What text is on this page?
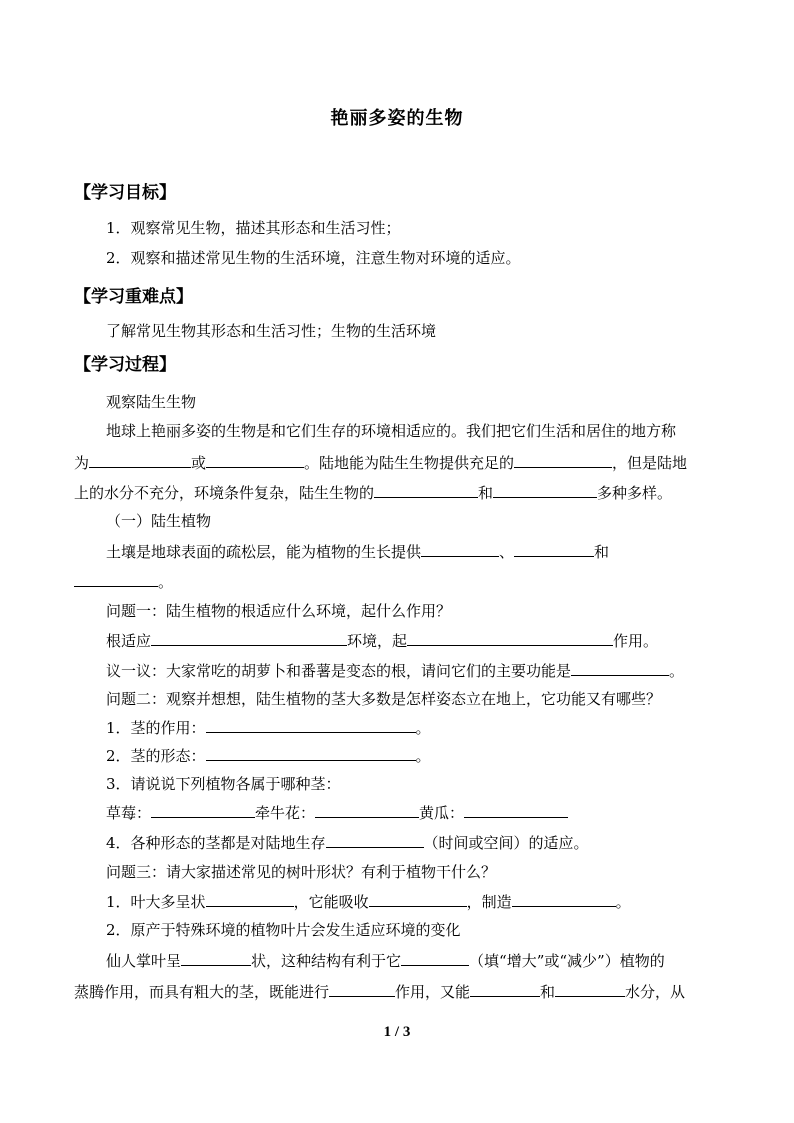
艳丽多姿的生物
【学习目标】
1．观察常见生物，描述其形态和生活习性；
2．观察和描述常见生物的生活环境，注意生物对环境的适应。
【学习重难点】
了解常见生物其形态和生活习性；生物的生活环境
【学习过程】
观察陆生生物
地球上艳丽多姿的生物是和它们生存的环境相适应的。我们把它们生活和居住的地方称
为	或	。陆地能为陆生生物提供充足的	，但是陆地
上的水分不充分，环境条件复杂，陆生生物的	和	多种多样。
（一）陆生植物
土壤是地球表面的疏松层，能为植物的生长提供	、	和
。
问题一：陆生植物的根适应什么环境，起什么作用？
根适应	环境，起	作用。
议一议：大家常吃的胡萝卜和番薯是变态的根，请问它们的主要功能是	。
问题二：观察并想想，陆生植物的茎大多数是怎样姿态立在地上，它功能又有哪些？
1．茎的作用：	。
2．茎的形态：	。
3．请说说下列植物各属于哪种茎：
草莓：	牵牛花：	黄瓜：
4．各种形态的茎都是对陆地生存	（时间或空间）的适应。
问题三：请大家描述常见的树叶形状？有利于植物干什么？
1．叶大多呈状	，它能吸收	，制造	。
2．原产于特殊环境的植物叶片会发生适应环境的变化
仙人掌叶呈	状，这种结构有利于它	（填“增大”或“减少”）植物的
蒸腾作用，而具有粗大的茎，既能进行	作用，又能	和	水分，从
1 / 3
